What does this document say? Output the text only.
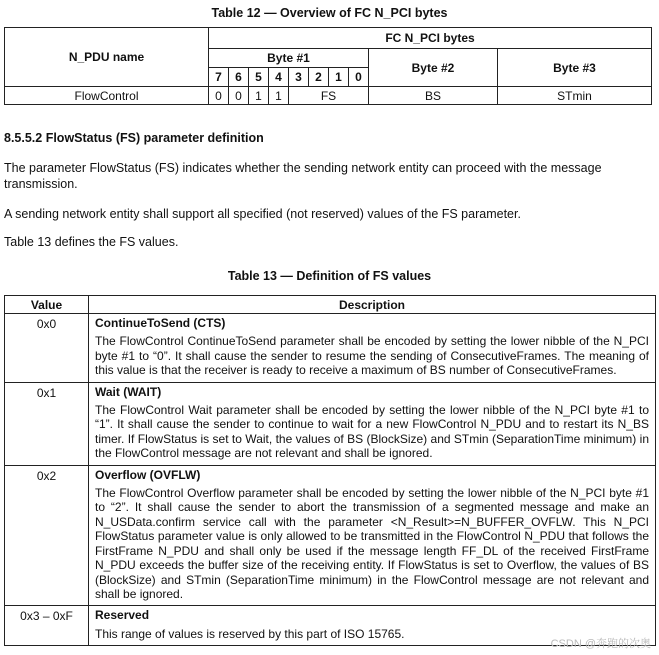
Table 12 — Overview of FC N_PCI bytes
N_PDU name	FC N_PCI bytes									
	Byte #1								Byte #2	Byte #3
	7	6	5	4	3	2	1	0		
FlowControl	0	0	1	1	FS				BS	STmin
8.5.5.2 FlowStatus (FS) parameter definition
The parameter FlowStatus (FS) indicates whether the sending network entity can proceed with the message transmission.
A sending network entity shall support all specified (not reserved) values of the FS parameter.
Table 13 defines the FS values.
Table 13 — Definition of FS values
Value	Description
0x0	ContinueToSend (CTS)
The FlowControl ContinueToSend parameter shall be encoded by setting the lower nibble of the N_PCI byte #1 to “0”. It shall cause the sender to resume the sending of ConsecutiveFrames. The meaning of this value is that the receiver is ready to receive a maximum of BS number of ConsecutiveFrames.
0x1	Wait (WAIT)
The FlowControl Wait parameter shall be encoded by setting the lower nibble of the N_PCI byte #1 to “1”. It shall cause the sender to continue to wait for a new FlowControl N_PDU and to restart its N_BS timer. If FlowStatus is set to Wait, the values of BS (BlockSize) and STmin (SeparationTime minimum) in the FlowControl message are not relevant and shall be ignored.
0x2	Overflow (OVFLW)
The FlowControl Overflow parameter shall be encoded by setting the lower nibble of the N_PCI byte #1 to “2”. It shall cause the sender to abort the transmission of a segmented message and make an N_USData.confirm service call with the parameter <N_Result>=N_BUFFER_OVFLW. This N_PCI FlowStatus parameter value is only allowed to be transmitted in the FlowControl N_PDU that follows the FirstFrame N_PDU and shall only be used if the message length FF_DL of the received FirstFrame N_PDU exceeds the buffer size of the receiving entity. If FlowStatus is set to Overflow, the values of BS (BlockSize) and STmin (SeparationTime minimum) in the FlowControl message are not relevant and shall be ignored.
0x3 – 0xF	Reserved
This range of values is reserved by this part of ISO 15765.
CSDN @奔跑的次奥
